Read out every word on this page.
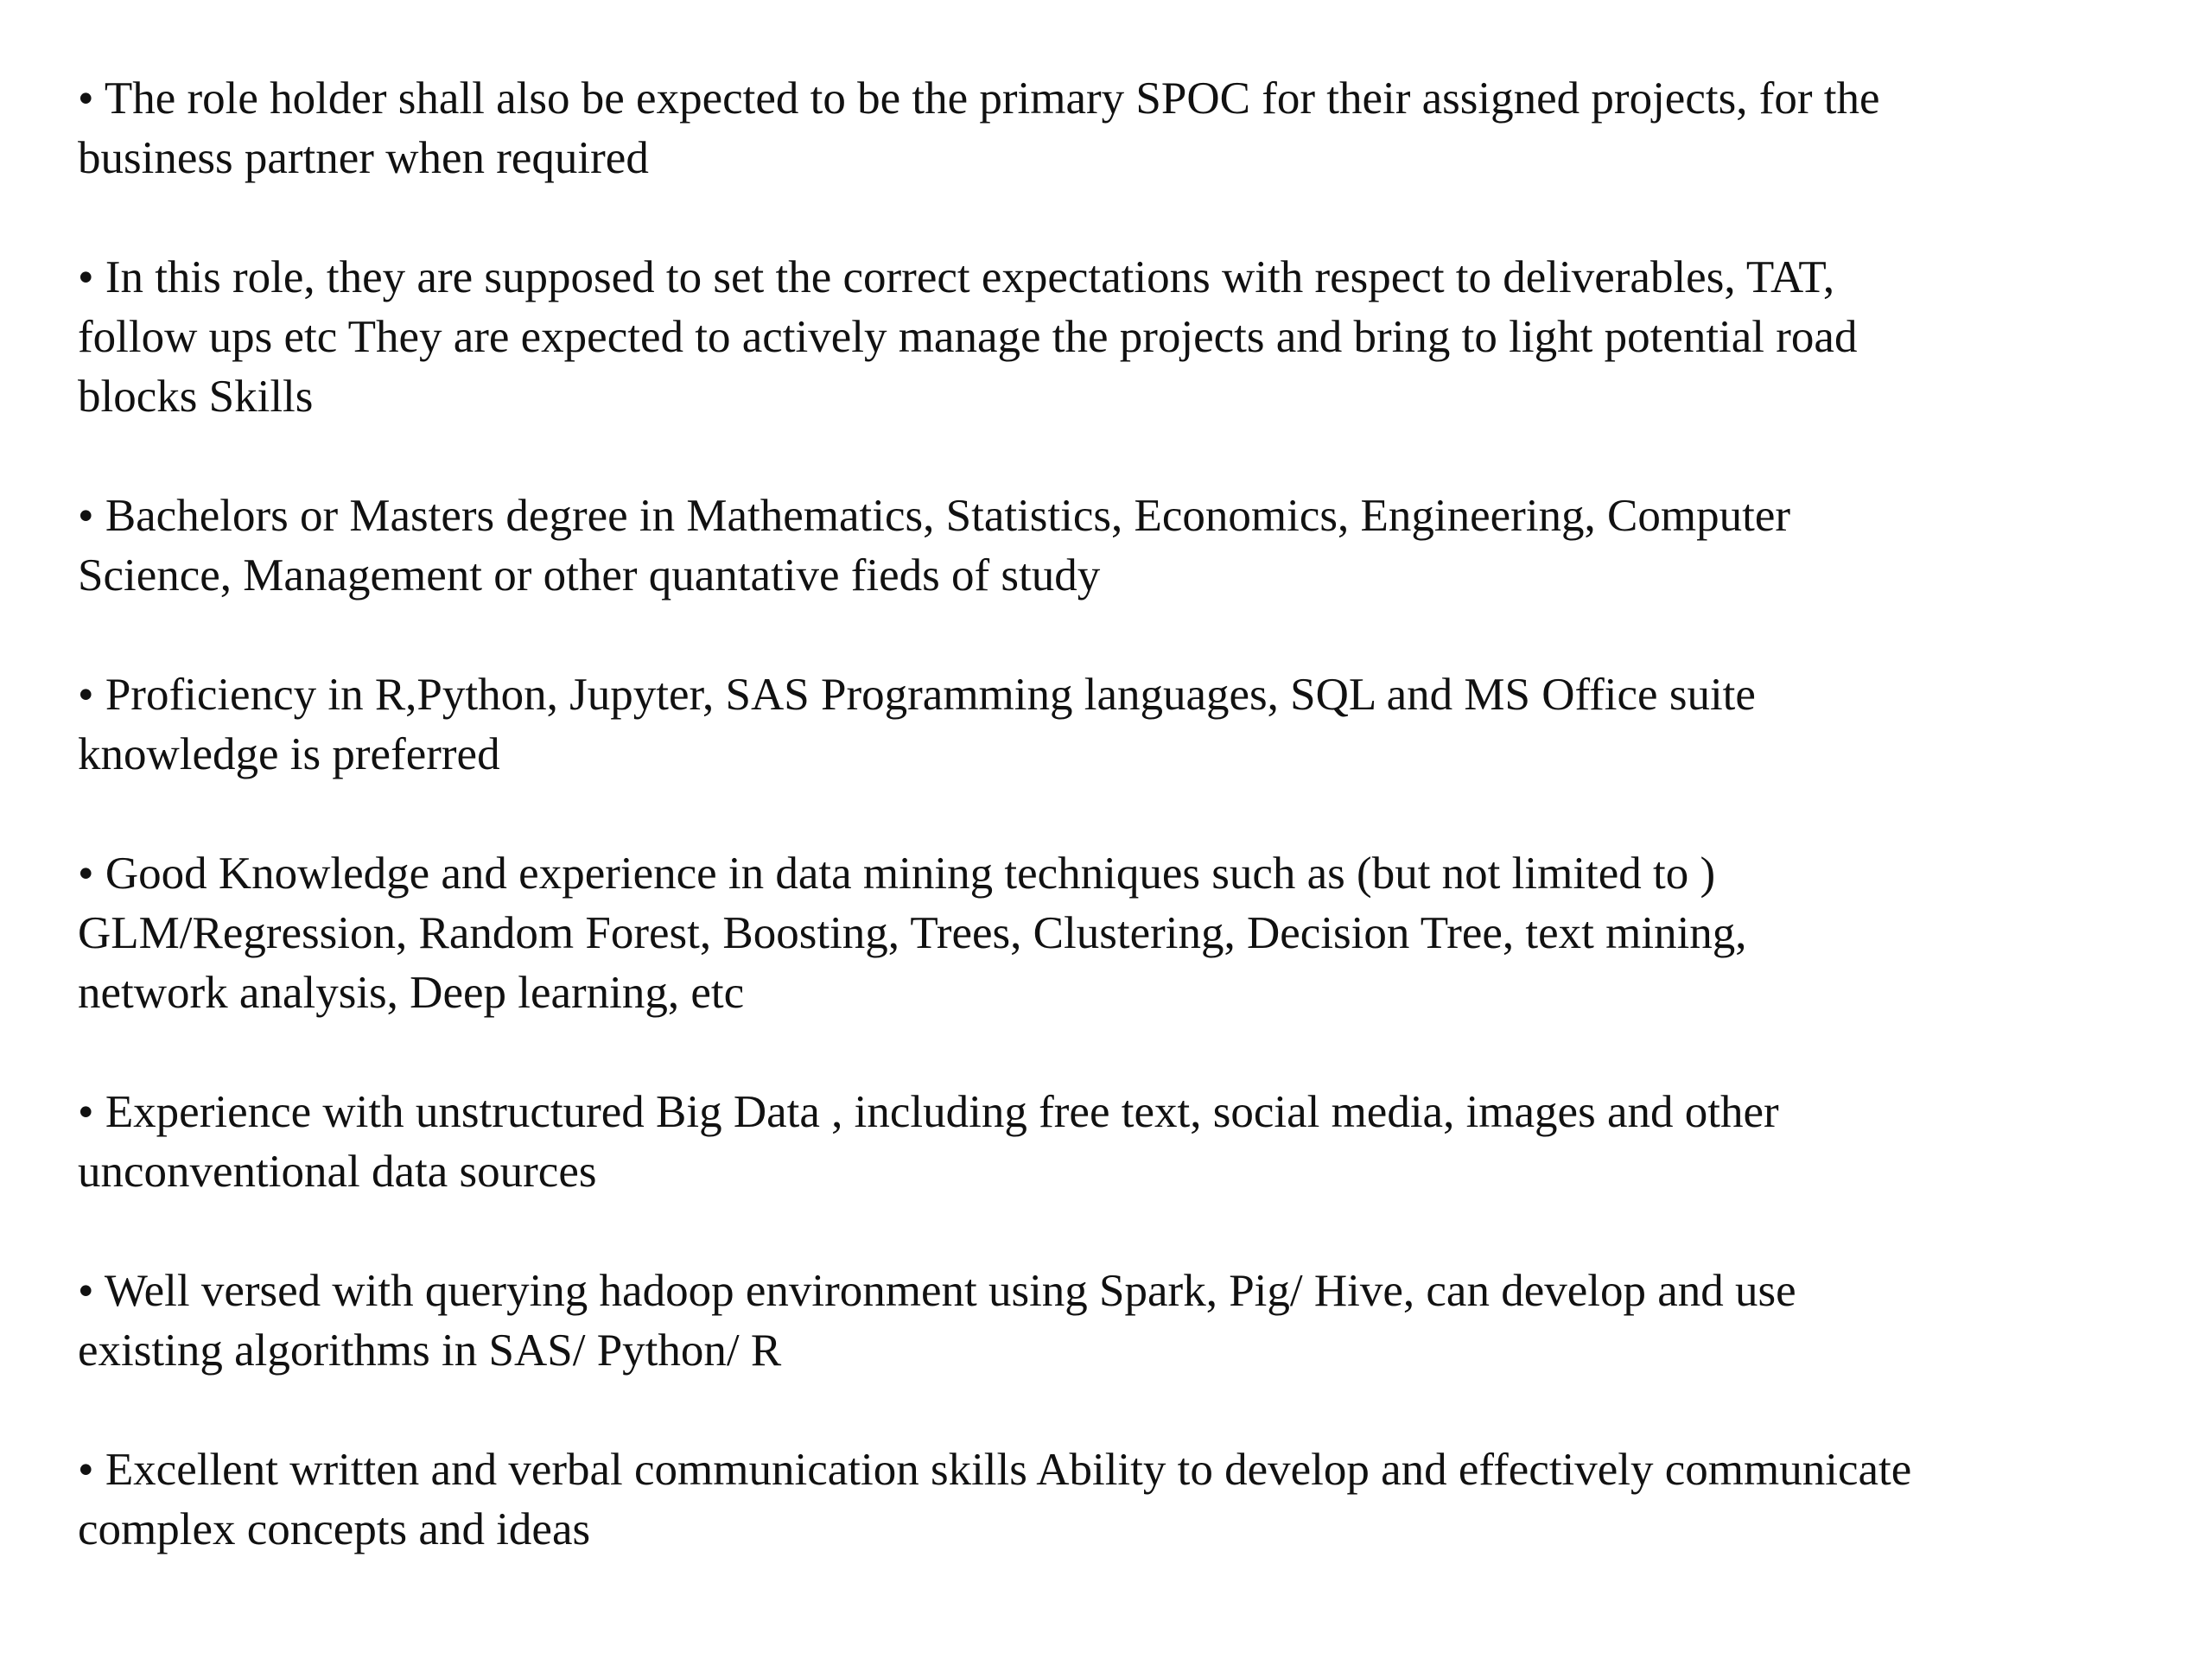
• The role holder shall also be expected to be the primary SPOC for their assigned projects, for the
business partner when required
• In this role, they are supposed to set the correct expectations with respect to deliverables, TAT,
follow ups etc They are expected to actively manage the projects and bring to light potential road
blocks Skills
• Bachelors or Masters degree in Mathematics, Statistics, Economics, Engineering, Computer
Science, Management or other quantative fieds of study
• Proficiency in R,Python, Jupyter, SAS Programming languages, SQL and MS Office suite
knowledge is preferred
• Good Knowledge and experience in data mining techniques such as (but not limited to )
GLM/Regression, Random Forest, Boosting, Trees, Clustering, Decision Tree, text mining,
network analysis, Deep learning, etc
• Experience with unstructured Big Data , including free text, social media, images and other
unconventional data sources
• Well versed with querying hadoop environment using Spark, Pig/ Hive, can develop and use
existing algorithms in SAS/ Python/ R
• Excellent written and verbal communication skills Ability to develop and effectively communicate
complex concepts and ideas
